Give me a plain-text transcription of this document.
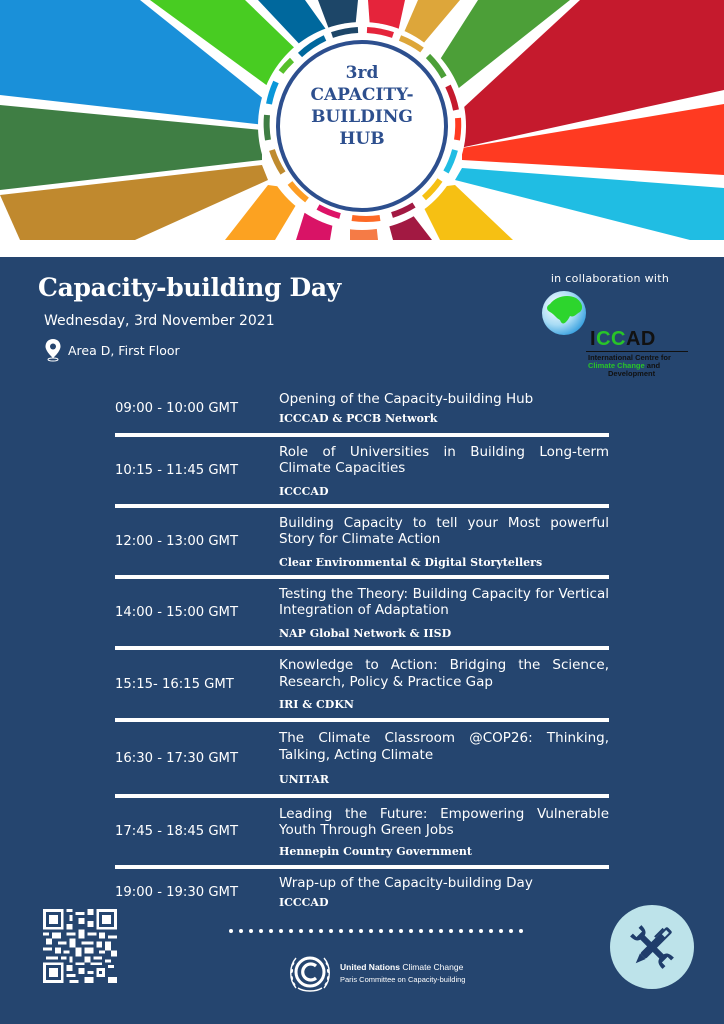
3rd
CAPACITY-
BUILDING
HUB
Capacity-building Day
Wednesday, 3rd November 2021
Area D, First Floor
in collaboration with
ICCAD
International Centre for
Climate Change and
Development
09:00 - 10:00 GMT
Opening of the Capacity-building Hub
ICCCAD & PCCB Network
10:15 - 11:45 GMT
Role of Universities in Building Long-term Climate Capacities
ICCCAD
12:00 - 13:00 GMT
Building Capacity to tell your Most powerful Story for Climate Action
Clear Environmental & Digital Storytellers
14:00 - 15:00 GMT
Testing the Theory: Building Capacity for Vertical Integration of Adaptation
NAP Global Network & IISD
15:15- 16:15 GMT
Knowledge to Action: Bridging the Science, Research, Policy & Practice Gap
IRI & CDKN
16:30 - 17:30 GMT
The Climate Classroom @COP26: Thinking, Talking, Acting Climate
UNITAR
17:45 - 18:45 GMT
Leading the Future: Empowering Vulnerable Youth Through Green Jobs
Hennepin Country Government
19:00 - 19:30 GMT
Wrap-up of the Capacity-building Day
ICCCAD
United Nations Climate Change
Paris Committee on Capacity-building
